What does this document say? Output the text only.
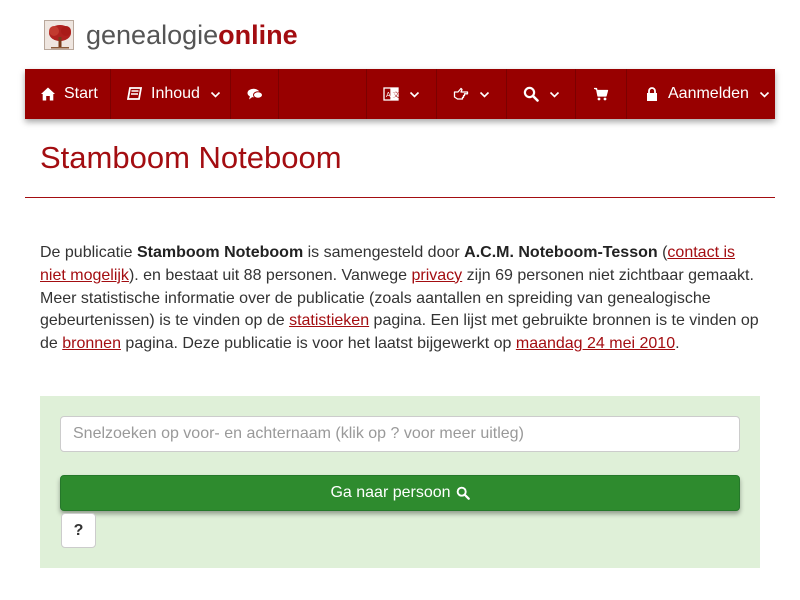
genealogieonline
Start	Inhoud	A 文	Aanmelden
Stamboom Noteboom

De publicatie Stamboom Noteboom is samengesteld door A.C.M. Noteboom-Tesson (contact is niet mogelijk). en bestaat uit 88 personen. Vanwege privacy zijn 69 personen niet zichtbaar gemaakt. Meer statistische informatie over de publicatie (zoals aantallen en spreiding van genealogische gebeurtenissen) is te vinden op de statistieken pagina. Een lijst met gebruikte bronnen is te vinden op de bronnen pagina. Deze publicatie is voor het laatst bijgewerkt op maandag 24 mei 2010.

Snelzoeken op voor- en achternaam (klik op ? voor meer uitleg)
Ga naar persoon
?
